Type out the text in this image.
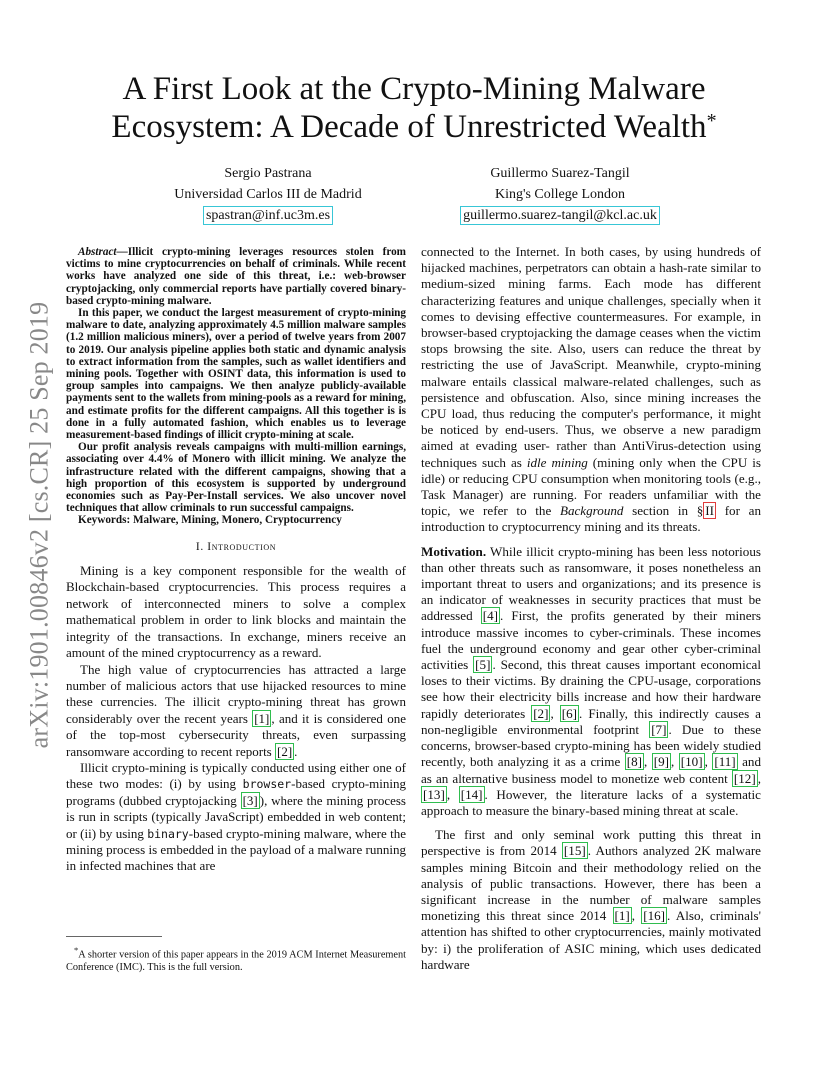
arXiv:1901.00846v2 [cs.CR] 25 Sep 2019
A First Look at the Crypto-Mining Malware
Ecosystem: A Decade of Unrestricted Wealth*
Sergio Pastrana
Universidad Carlos III de Madrid
spastran@inf.uc3m.es
Guillermo Suarez-Tangil
King's College London
guillermo.suarez-tangil@kcl.ac.uk

Abstract—Illicit crypto-mining leverages resources stolen from victims to mine cryptocurrencies on behalf of criminals. While recent works have analyzed one side of this threat, i.e.: web-browser cryptojacking, only commercial reports have partially covered binary-based crypto-mining malware.

In this paper, we conduct the largest measurement of crypto-mining malware to date, analyzing approximately 4.5 million malware samples (1.2 million malicious miners), over a period of twelve years from 2007 to 2019. Our analysis pipeline applies both static and dynamic analysis to extract information from the samples, such as wallet identifiers and mining pools. Together with OSINT data, this information is used to group samples into campaigns. We then analyze publicly-available payments sent to the wallets from mining-pools as a reward for mining, and estimate profits for the different campaigns. All this together is is done in a fully automated fashion, which enables us to leverage measurement-based findings of illicit crypto-mining at scale.

Our profit analysis reveals campaigns with multi-million earnings, associating over 4.4% of Monero with illicit mining. We analyze the infrastructure related with the different campaigns, showing that a high proportion of this ecosystem is supported by underground economies such as Pay-Per-Install services. We also uncover novel techniques that allow criminals to run successful campaigns.

Keywords: Malware, Mining, Monero, Cryptocurrency

I. Introduction

Mining is a key component responsible for the wealth of Blockchain-based cryptocurrencies. This process requires a network of interconnected miners to solve a complex mathematical problem in order to link blocks and maintain the integrity of the transactions. In exchange, miners receive an amount of the mined cryptocurrency as a reward.

The high value of cryptocurrencies has attracted a large number of malicious actors that use hijacked resources to mine these currencies. The illicit crypto-mining threat has grown considerably over the recent years [1] , and it is considered one of the top-most cybersecurity threats, even surpassing ransomware according to recent reports [2] .

Illicit crypto-mining is typically conducted using either one of these two modes: (i) by using browser-based crypto-mining programs (dubbed cryptojacking [3] ), where the mining process is run in scripts (typically JavaScript) embedded in web content; or (ii) by using binary-based crypto-mining malware, where the mining process is embedded in the payload of a malware running in infected machines that are

*A shorter version of this paper appears in the 2019 ACM Internet Measurement Conference (IMC). This is the full version.

connected to the Internet. In both cases, by using hundreds of hijacked machines, perpetrators can obtain a hash-rate similar to medium-sized mining farms. Each mode has different characterizing features and unique challenges, specially when it comes to devising effective countermeasures. For example, in browser-based cryptojacking the damage ceases when the victim stops browsing the site. Also, users can reduce the threat by restricting the use of JavaScript. Meanwhile, crypto-mining malware entails classical malware-related challenges, such as persistence and obfuscation. Also, since mining increases the CPU load, thus reducing the computer's performance, it might be noticed by end-users. Thus, we observe a new paradigm aimed at evading user- rather than AntiVirus-detection using techniques such as idle mining (mining only when the CPU is idle) or reducing CPU consumption when monitoring tools (e.g., Task Manager) are running. For readers unfamiliar with the topic, we refer to the Background section in § II for an introduction to cryptocurrency mining and its threats.

Motivation. While illicit crypto-mining has been less notorious than other threats such as ransomware, it poses nonetheless an important threat to users and organizations; and its presence is an indicator of weaknesses in security practices that must be addressed [4] . First, the profits generated by their miners introduce massive incomes to cyber-criminals. These incomes fuel the underground economy and gear other cyber-criminal activities [5] . Second, this threat causes important economical loses to their victims. By draining the CPU-usage, corporations see how their electricity bills increase and how their hardware rapidly deteriorates [2] , [6] . Finally, this indirectly causes a non-negligible environmental footprint [7] . Due to these concerns, browser-based crypto-mining has been widely studied recently, both analyzing it as a crime [8] , [9] , [10] , [11] and as an alternative business model to monetize web content [12] , [13] , [14] . However, the literature lacks of a systematic approach to measure the binary-based mining threat at scale.

The first and only seminal work putting this threat in perspective is from 2014 [15] . Authors analyzed 2K malware samples mining Bitcoin and their methodology relied on the analysis of public transactions. However, there has been a significant increase in the number of malware samples monetizing this threat since 2014 [1] , [16] . Also, criminals' attention has shifted to other cryptocurrencies, mainly motivated by: i) the proliferation of ASIC mining, which uses dedicated hardware
